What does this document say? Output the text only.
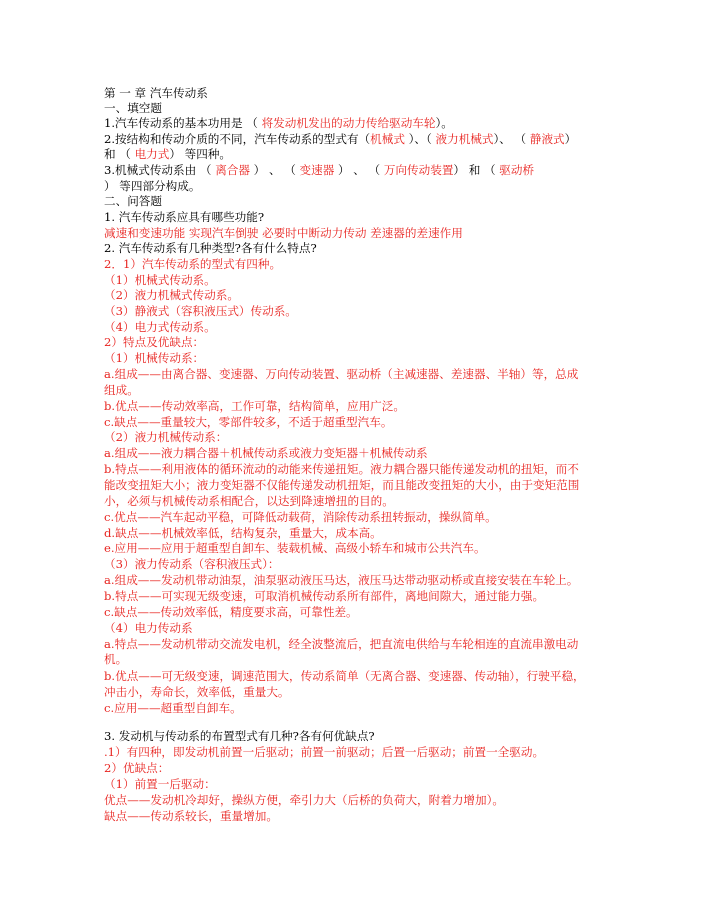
第 一 章 汽车传动系
一、填空题
1.汽车传动系的基本功用是 （ 将发动机发出的动力传给驱动车轮）。
2.按结构和传动介质的不同，汽车传动系的型式有（机械式 ）、（ 液力机械式）、 （ 静液式）
和 （ 电力式） 等四种。
3.机械式传动系由 （ 离合器 ） 、 （ 变速器 ） 、 （ 万向传动装置） 和 （ 驱动桥
） 等四部分构成。
二、问答题
1. 汽车传动系应具有哪些功能?
减速和变速功能 实现汽车倒驶 必要时中断动力传动 差速器的差速作用
2. 汽车传动系有几种类型?各有什么特点?
2．1）汽车传动系的型式有四种。
（1）机械式传动系。
（2）液力机械式传动系。
（3）静液式（容积液压式）传动系。
（4）电力式传动系。
2）特点及优缺点：
（1）机械传动系：
a.组成——由离合器、变速器、万向传动装置、驱动桥（主减速器、差速器、半轴）等，总成
组成。
b.优点——传动效率高，工作可靠，结构简单，应用广泛。
c.缺点——重量较大，零部件较多，不适于超重型汽车。
（2）液力机械传动系：
a.组成——液力耦合器＋机械传动系或液力变矩器＋机械传动系
b.特点——利用液体的循环流动的动能来传递扭矩。液力耦合器只能传递发动机的扭矩，而不
能改变扭矩大小；液力变矩器不仅能传递发动机扭矩，而且能改变扭矩的大小，由于变矩范围
小，必须与机械传动系相配合，以达到降速增扭的目的。
c.优点——汽车起动平稳，可降低动载荷，消除传动系扭转振动，操纵简单。
d.缺点——机械效率低，结构复杂，重量大，成本高。
e.应用——应用于超重型自卸车、装载机械、高级小轿车和城市公共汽车。
（3）液力传动系（容积液压式）：
a.组成——发动机带动油泵，油泵驱动液压马达，液压马达带动驱动桥或直接安装在车轮上。
b.特点——可实现无级变速，可取消机械传动系所有部件，离地间隙大，通过能力强。
c.缺点——传动效率低，精度要求高，可靠性差。
（4）电力传动系
a.特点——发动机带动交流发电机，经全波整流后，把直流电供给与车轮相连的直流串激电动
机。
b.优点——可无级变速，调速范围大，传动系简单（无离合器、变速器、传动轴），行驶平稳，
冲击小，寿命长，效率低，重量大。
c.应用——超重型自卸车。
3. 发动机与传动系的布置型式有几种?各有何优缺点?
.1）有四种，即发动机前置一后驱动；前置一前驱动；后置一后驱动；前置一全驱动。
2）优缺点：
（1）前置一后驱动：
优点——发动机冷却好，操纵方便，牵引力大（后桥的负荷大，附着力增加）。
缺点——传动系较长，重量增加。
